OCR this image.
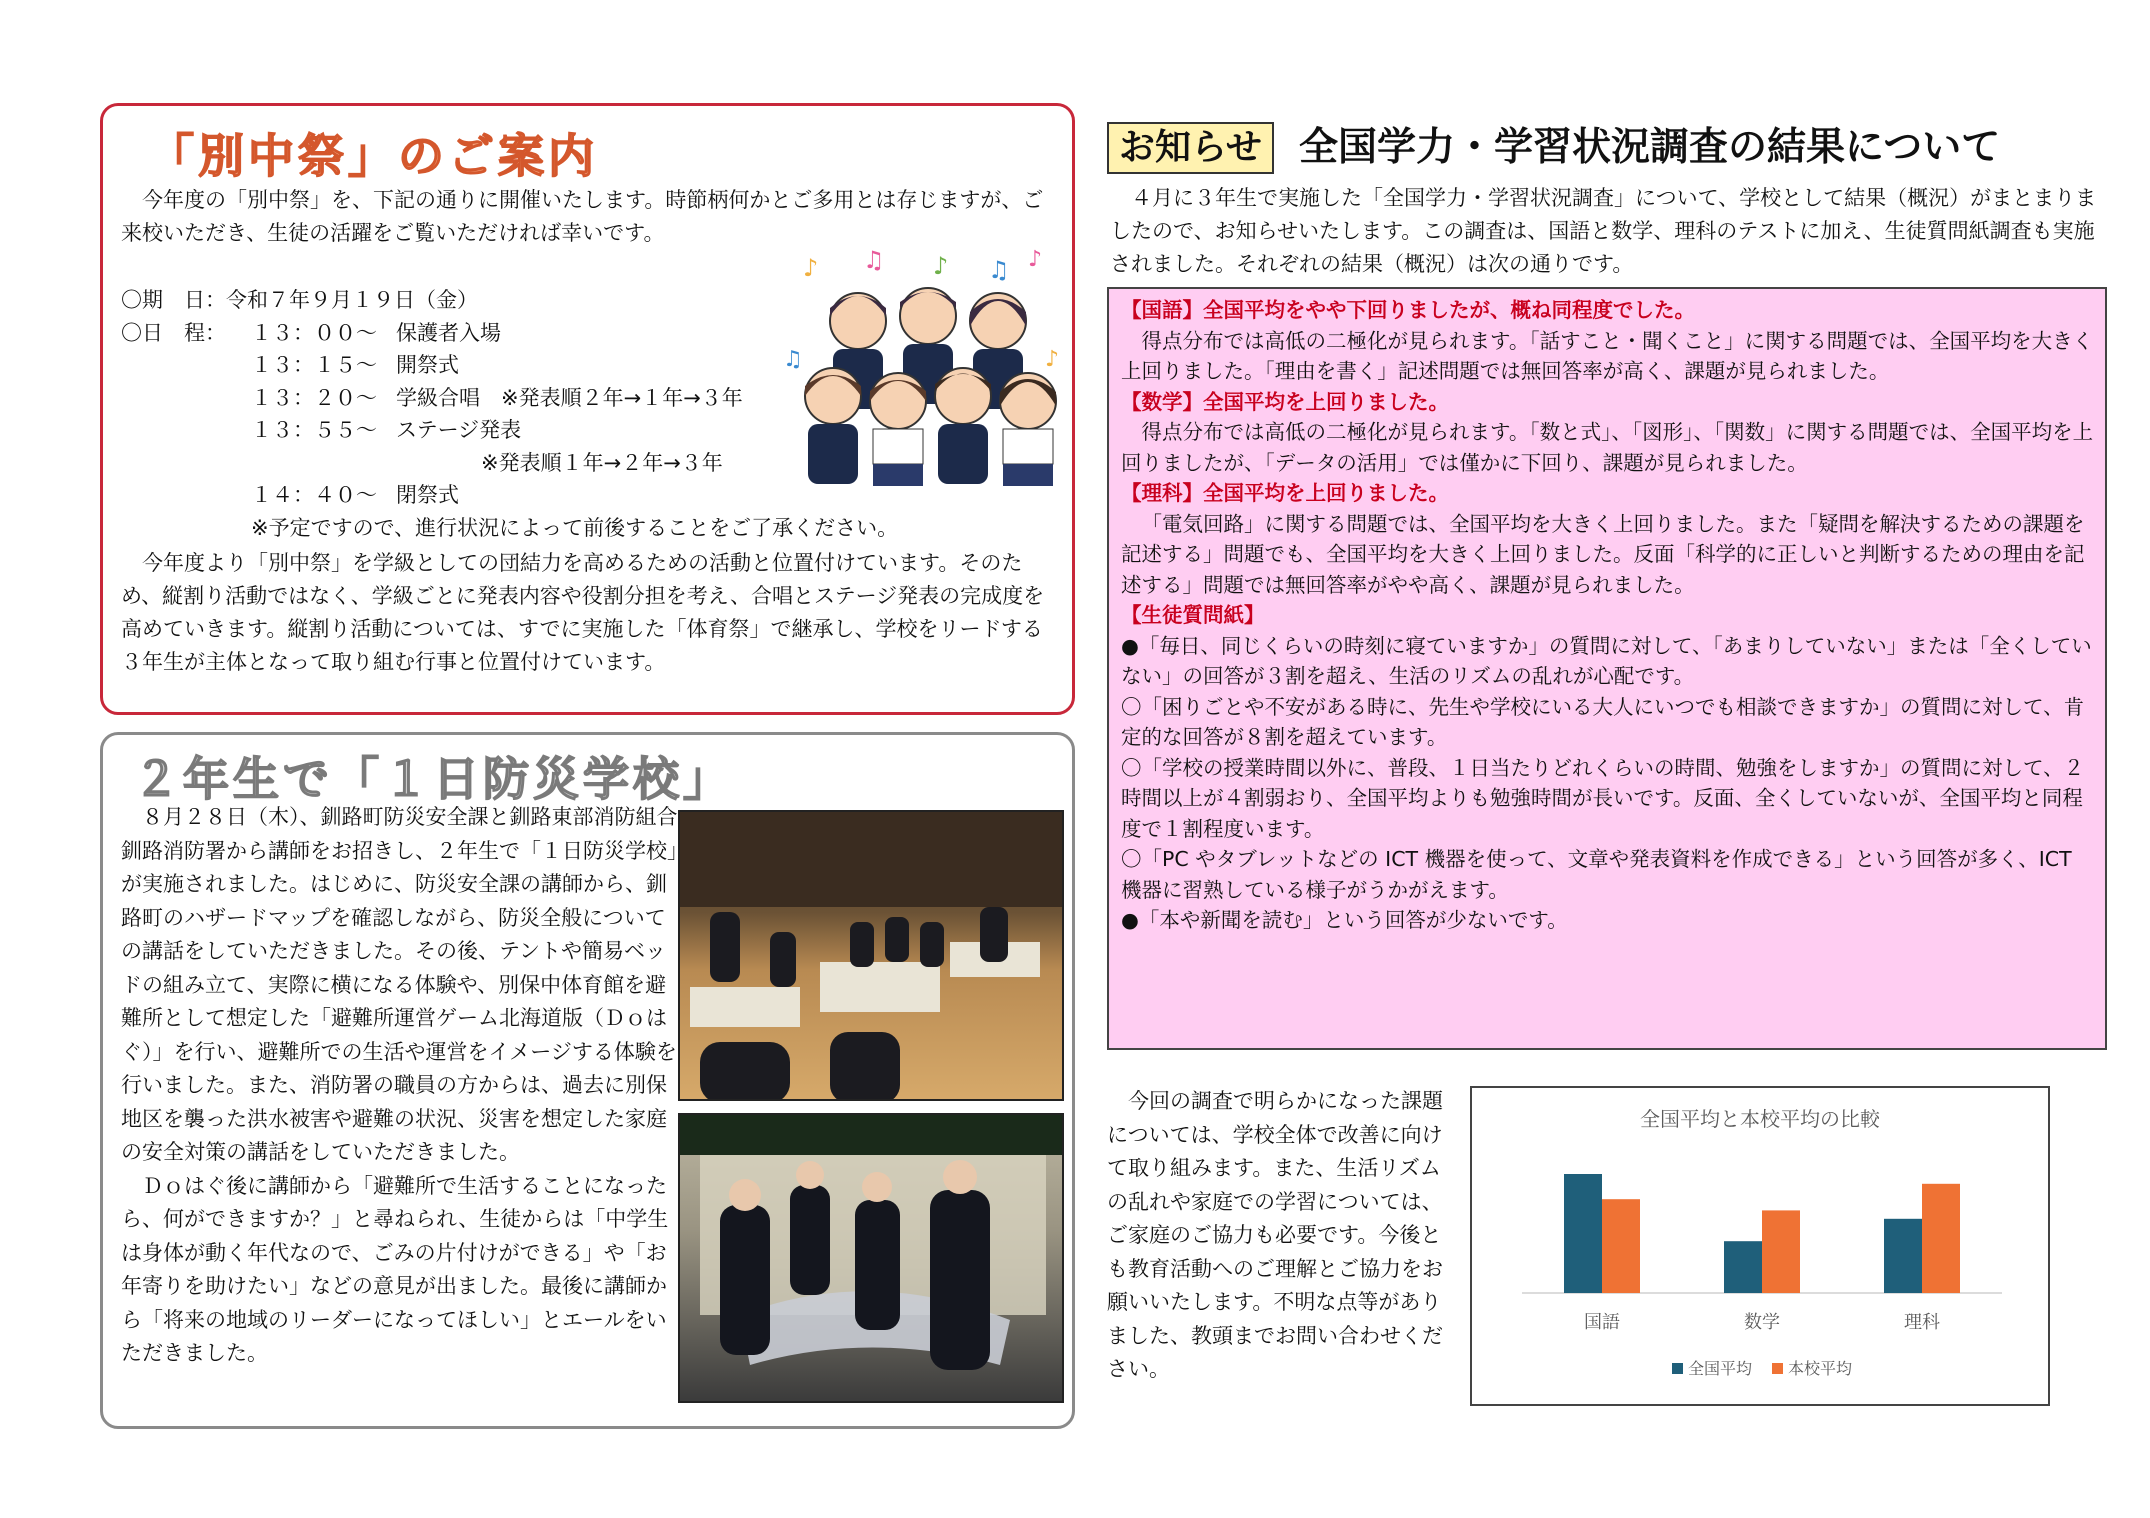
「別中祭」のご案内

今年度の「別中祭」を、下記の通りに開催いたします。時節柄何かとご多用とは存じますが、ご来校いただき、生徒の活躍をご覧いただければ幸いです。

〇期　日：令和７年９月１９日（金）
〇日　程： １３：００～ 保護者入場
１３：１５～ 開祭式
１３：２０～ 学級合唱　※発表順２年→１年→３年
１３：５５～ ステージ発表
※発表順１年→２年→３年
１４：４０～ 閉祭式
※予定ですので、進行状況によって前後することをご了承ください。
♪ ♫ ♪ ♫ ♪
♪
♫

今年度より「別中祭」を学級としての団結力を高めるための活動と位置付けています。そのため、縦割り活動ではなく、学級ごとに発表内容や役割分担を考え、合唱とステージ発表の完成度を高めていきます。縦割り活動については、すでに実施した「体育祭」で継承し、学校をリードする３年生が主体となって取り組む行事と位置付けています。

２年生で「１日防災学校」

８月２８日（木）、釧路町防災安全課と釧路東部消防組合釧路消防署から講師をお招きし、２年生で「１日防災学校」が実施されました。はじめに、防災安全課の講師から、釧路町のハザードマップを確認しながら、防災全般についての講話をしていただきました。その後、テントや簡易ベッドの組み立て、実際に横になる体験や、別保中体育館を避難所として想定した「避難所運営ゲーム北海道版（Ｄｏはぐ）」を行い、避難所での生活や運営をイメージする体験を行いました。また、消防署の職員の方からは、過去に別保地区を襲った洪水被害や避難の状況、災害を想定した家庭の安全対策の講話をしていただきました。

Ｄｏはぐ後に講師から「避難所で生活することになったら、何ができますか？」と尋ねられ、生徒からは「中学生は身体が動く年代なので、ごみの片付けができる」や「お年寄りを助けたい」などの意見が出ました。最後に講師から「将来の地域のリーダーになってほしい」とエールをいただきました。

お知らせ 全国学力・学習状況調査の結果について

４月に３年生で実施した「全国学力・学習状況調査」について、学校として結果（概況）がまとまりましたので、お知らせいたします。この調査は、国語と数学、理科のテストに加え、生徒質問紙調査も実施されました。それぞれの結果（概況）は次の通りです。

【国語】全国平均をやや下回りましたが、概ね同程度でした。

得点分布では高低の二極化が見られます。「話すこと・聞くこと」に関する問題では、全国平均を大きく上回りました。「理由を書く」記述問題では無回答率が高く、課題が見られました。

【数学】全国平均を上回りました。

得点分布では高低の二極化が見られます。「数と式」、「図形」、「関数」に関する問題では、全国平均を上回りましたが、「データの活用」では僅かに下回り、課題が見られました。

【理科】全国平均を上回りました。

「電気回路」に関する問題では、全国平均を大きく上回りました。また「疑問を解決するための課題を記述する」問題でも、全国平均を大きく上回りました。反面「科学的に正しいと判断するための理由を記述する」問題では無回答率がやや高く、課題が見られました。

【生徒質問紙】

●「毎日、同じくらいの時刻に寝ていますか」の質問に対して、「あまりしていない」または「全くしていない」の回答が３割を超え、生活のリズムの乱れが心配です。

〇「困りごとや不安がある時に、先生や学校にいる大人にいつでも相談できますか」の質問に対して、肯定的な回答が８割を超えています。

〇「学校の授業時間以外に、普段、１日当たりどれくらいの時間、勉強をしますか」の質問に対して、２時間以上が４割弱おり、全国平均よりも勉強時間が長いです。反面、全くしていないが、全国平均と同程度で１割程度います。

〇「PC やタブレットなどの ICT 機器を使って、文章や発表資料を作成できる」という回答が多く、ICT 機器に習熟している様子がうかがえます。

●「本や新聞を読む」という回答が少ないです。

今回の調査で明らかになった課題については、学校全体で改善に向けて取り組みます。また、生活リズムの乱れや家庭での学習については、ご家庭のご協力も必要です。今後とも教育活動へのご理解とご協力をお願いいたします。不明な点等がありました、教頭までお問い合わせください。

全国平均と本校平均の比較
国語	数学	理科
全国平均 本校平均
